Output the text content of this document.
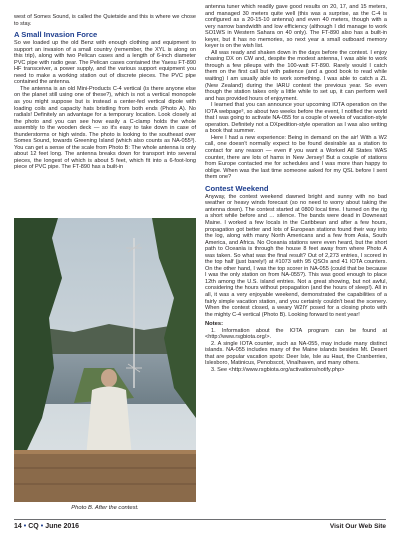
west of Somes Sound, is called the Quietside and this is where we chose to stay.

A Small Invasion Force

So we loaded up the old Benz with enough clothing and equipment to support an invasion of a small country (remember, the XYL is along on this trip), along with two Pelican cases and a length of 6-inch diameter PVC pipe with radio gear. The Pelican cases contained the Yaesu FT-890 HF transceiver, a power supply, and the various support equipment you need to make a working station out of discrete pieces. The PVC pipe contained the antenna.

The antenna is an old Mini-Products C-4 vertical (is there anyone else on the planet still using one of these?), which is not a vertical monopole as you might suppose but is instead a center-fed vertical dipole with loading coils and capacity hats bristling from both ends (Photo A). No radials! Definitely an advantage for a temporary location. Look closely at the photo and you can see how easily a C-clamp holds the whole assembly to the wooden deck — so it's easy to take down in case of thunderstorms or high winds. The photo is looking to the southeast over Somes Sound, towards Greening Island (which also counts as NA-055³). You can get a sense of the scale from Photo B: The whole antenna is only about 12 feet long. The antenna breaks down for transport into several pieces, the longest of which is about 5 feet, which fit into a 6-foot-long piece of PVC pipe. The FT-890 has a built-in

Photo B. After the contest.

antenna tuner which readily gave good results on 20, 17, and 15 meters, and managed 30 meters quite well (this was a surprise, as the C-4 is configured as a 20-15-10 antenna) and even 40 meters, though with a very narrow bandwidth and low efficiency (although I did manage to work SO1WS in Western Sahara on 40 only). The FT-890 also has a built-in keyer, but it has no memories, so next year a small outboard memory keyer is on the wish list.

All was ready and shaken down in the days before the contest. I enjoy chasing DX on CW and, despite the modest antenna, I was able to work through a few pileups with the 100-watt FT-890. Rarely would I catch them on the first call but with patience (and a good book to read while waiting) I am usually able to work something. I was able to catch a ZL (New Zealand) during the IARU contest the previous year. So even though the station takes only a little while to set up, it can perform well and has provided hours of enjoyment.

I learned that you can announce your upcoming IOTA operation on the IOTA webpage³, so about two weeks before the event, I notified the world that I was going to activate NA-055 for a couple of weeks of vacation-style operation. Definitely not a DXpedition-style operation as I was also writing a book that summer.

Here I had a new experience: Being in demand on the air! With a W2 call, one doesn't normally expect to be found desirable as a station to contact for any reason — even if you want a Worked All States WAS counter, there are lots of hams in New Jersey! But a couple of stations from Europe contacted me for schedules and I was more than happy to oblige. When was the last time someone asked for my QSL before I sent them one?

Contest Weekend

Anyway, the contest weekend dawned bright and sunny with no bad weather or heavy winds forecast (so no need to worry about taking the antenna down). The contest started at 0800 local time. I turned on the rig a short while before and … silence. The bands were dead in Downeast Maine. I worked a few locals in the Caribbean and after a few hours, propagation got better and lots of European stations found their way into the log, along with many North Americans and a few from Asia, South America, and Africa. No Oceania stations were even heard, but the short path to Oceania is through the house 8 feet away from where Photo A was taken. So what was the final result? Out of 2,273 entries, I scored in the top half (just barely!) at #1073 with 95 QSOs and 41 IOTA counters. On the other hand, I was the top scorer in NA-055 (could that be because I was the only station on from NA-055?). This was good enough to place 12th among the U.S. island entries. Not a great showing, but not awful, considering the hours without propagation (and the hours of sleep!). All in all, it was a very enjoyable weekend, demonstrated the capabilities of a fairly simple vacation station, and you certainly couldn't beat the scenery. When the contest closed, a weary W2IY posed for a closing photo with the mighty C-4 vertical (Photo B). Looking forward to next year!

Notes:

1. Information about the IOTA program can be found at <http://www.rsgbiota.org/>.

2. A single IOTA counter, such as NA-055, may include many distinct islands. NA-055 includes many of the Maine islands besides Mt. Desert that are popular vacation spots: Deer Isle, Isle au Haut, the Cranberries, Islesboro, Matinicus, Penobscot, Vinalhaven, and many others.

3. See <http://www.rsgbiota.org/activations/notify.php>

14 • CQ • June 2016	Visit Our Web Site
